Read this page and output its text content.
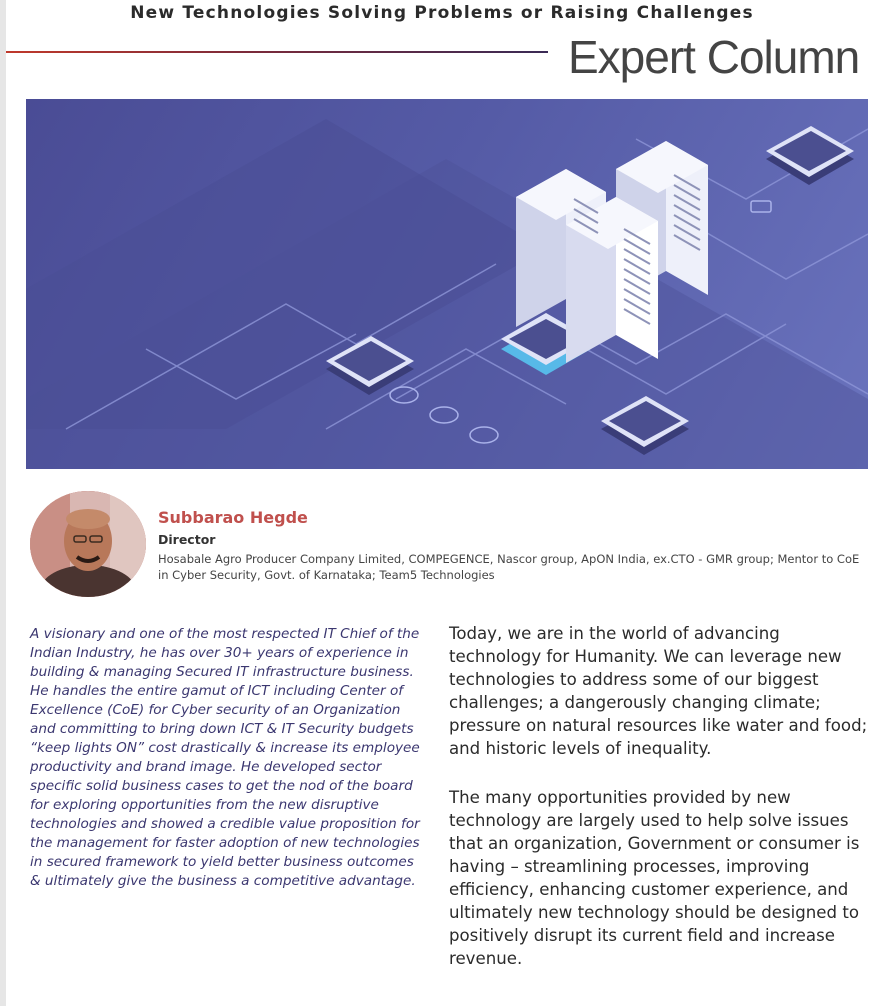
New Technologies Solving Problems or Raising Challenges
Expert Column
Subbarao Hegde
Director
Hosabale Agro Producer Company Limited, COMPEGENCE, Nascor group, ApON India, ex.CTO - GMR group; Mentor to CoE in Cyber Security, Govt. of Karnataka; Team5 Technologies

A visionary and one of the most respected IT Chief of the Indian Industry, he has over 30+ years of experience in building & managing Secured IT infrastructure business. He handles the entire gamut of ICT including Center of Excellence (CoE) for Cyber security of an Organization and committing to bring down ICT & IT Security budgets “keep lights ON” cost drastically & increase its employee productivity and brand image. He developed sector specific solid business cases to get the nod of the board for exploring opportunities from the new disruptive technologies and showed a credible value proposition for the management for faster adoption of new technologies in secured framework to yield better business outcomes & ultimately give the business a competitive advantage.

Today, we are in the world of advancing technology for Humanity. We can leverage new technologies to address some of our biggest challenges; a dangerously changing climate; pressure on natural resources like water and food; and historic levels of inequality.

The many opportunities provided by new technology are largely used to help solve issues that an organization, Government or consumer is having – streamlining processes, improving efficiency, enhancing customer experience, and ultimately new technology should be designed to positively disrupt its current field and increase revenue.
